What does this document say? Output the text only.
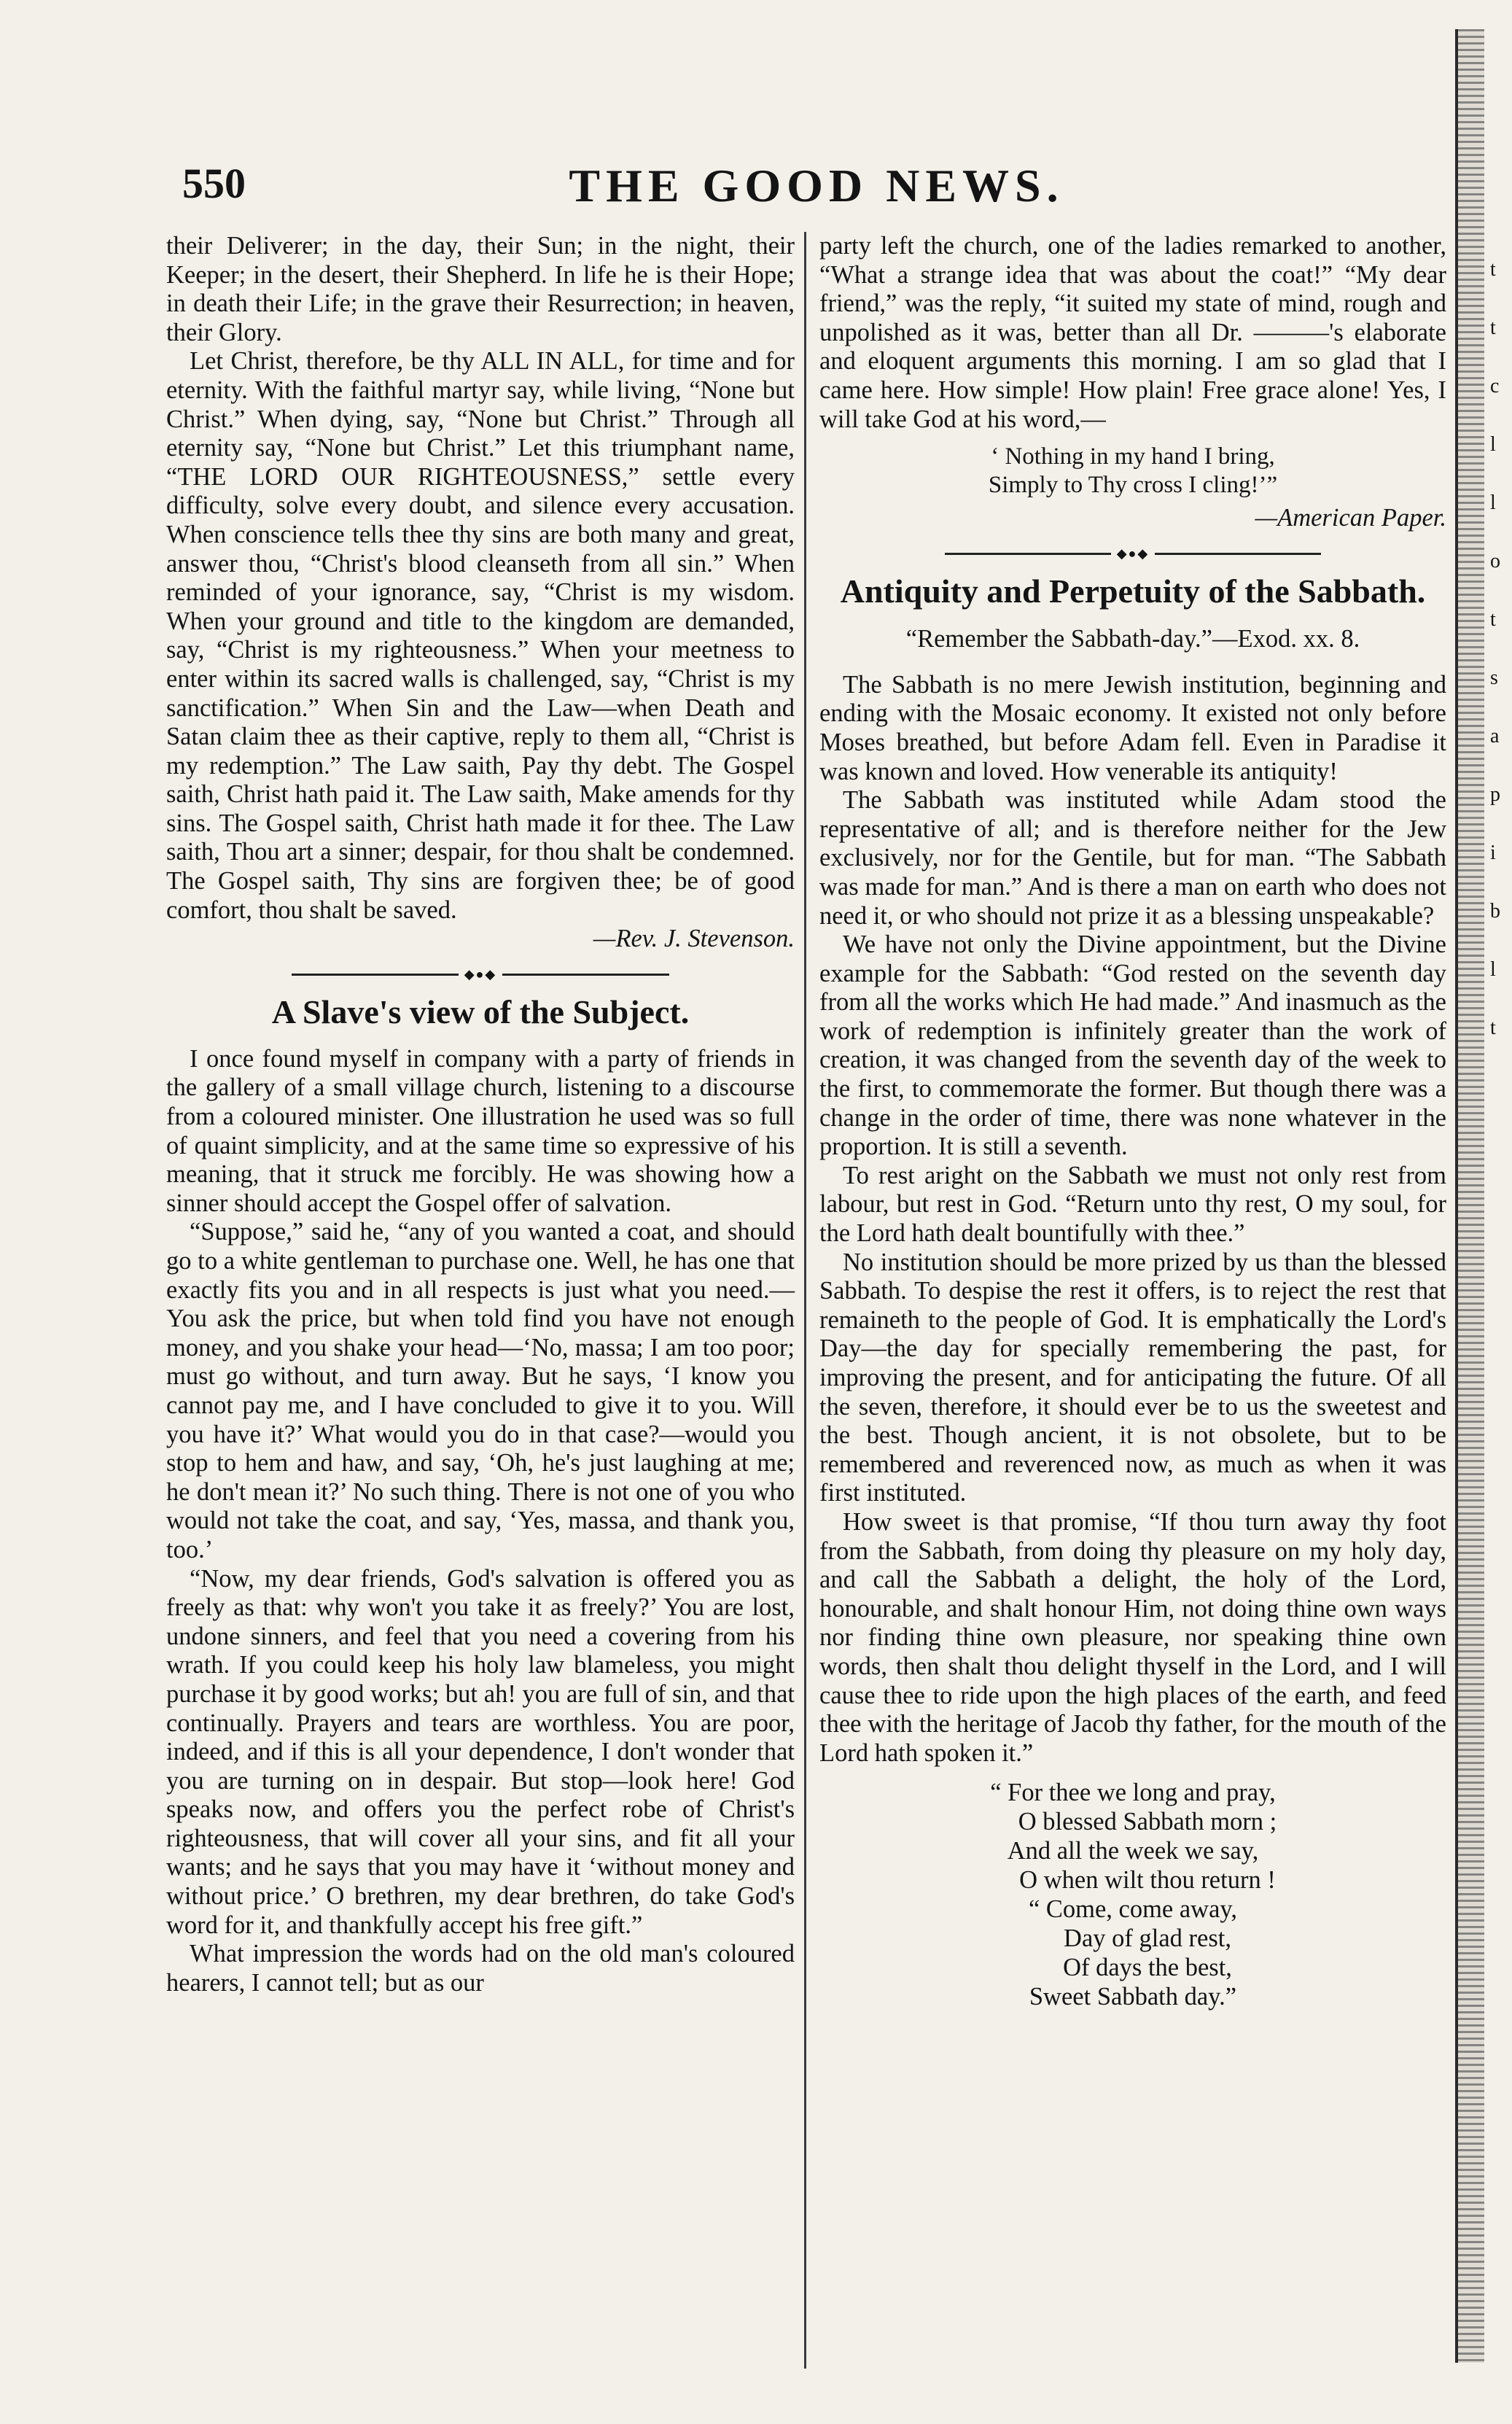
t
t
c
l
l
o
t
s
a
p
i
b
l
t
550	THE GOOD NEWS.

their Deliverer; in the day, their Sun; in the night, their Keeper; in the desert, their Shepherd. In life he is their Hope; in death their Life; in the grave their Resurrection; in heaven, their Glory.

Let Christ, therefore, be thy ALL IN ALL, for time and for eternity. With the faithful martyr say, while living, “None but Christ.” When dying, say, “None but Christ.” Through all eternity say, “None but Christ.” Let this triumphant name, “THE LORD OUR RIGHTEOUSNESS,” settle every difficulty, solve every doubt, and silence every accusation. When conscience tells thee thy sins are both many and great, answer thou, “Christ's blood cleanseth from all sin.” When reminded of your ignorance, say, “Christ is my wisdom. When your ground and title to the kingdom are demanded, say, “Christ is my righteousness.” When your meetness to enter within its sacred walls is challenged, say, “Christ is my sanctification.” When Sin and the Law—when Death and Satan claim thee as their captive, reply to them all, “Christ is my redemption.” The Law saith, Pay thy debt. The Gospel saith, Christ hath paid it. The Law saith, Make amends for thy sins. The Gospel saith, Christ hath made it for thee. The Law saith, Thou art a sinner; despair, for thou shalt be condemned. The Gospel saith, Thy sins are forgiven thee; be of good comfort, thou shalt be saved.

—Rev. J. Stevenson.

◆●◆
A Slave's view of the Subject.

I once found myself in company with a party of friends in the gallery of a small village church, listening to a discourse from a coloured minister. One illustration he used was so full of quaint simplicity, and at the same time so expressive of his meaning, that it struck me forcibly. He was showing how a sinner should accept the Gospel offer of salvation.

“Suppose,” said he, “any of you wanted a coat, and should go to a white gentleman to purchase one. Well, he has one that exactly fits you and in all respects is just what you need.—You ask the price, but when told find you have not enough money, and you shake your head—‘No, massa; I am too poor; must go without, and turn away. But he says, ‘I know you cannot pay me, and I have concluded to give it to you. Will you have it?’ What would you do in that case?—would you stop to hem and haw, and say, ‘Oh, he's just laughing at me; he don't mean it?’ No such thing. There is not one of you who would not take the coat, and say, ‘Yes, massa, and thank you, too.’

“Now, my dear friends, God's salvation is offered you as freely as that: why won't you take it as freely?’ You are lost, undone sinners, and feel that you need a covering from his wrath. If you could keep his holy law blameless, you might purchase it by good works; but ah! you are full of sin, and that continually. Prayers and tears are worthless. You are poor, indeed, and if this is all your dependence, I don't wonder that you are turning on in despair. But stop—look here! God speaks now, and offers you the perfect robe of Christ's righteousness, that will cover all your sins, and fit all your wants; and he says that you may have it ‘without money and without price.’ O brethren, my dear brethren, do take God's word for it, and thankfully accept his free gift.”

What impression the words had on the old man's coloured hearers, I cannot tell; but as our

party left the church, one of the ladies remarked to another, “What a strange idea that was about the coat!” “My dear friend,” was the reply, “it suited my state of mind, rough and unpolished as it was, better than all Dr. ———'s elaborate and eloquent arguments this morning. I am so glad that I came here. How simple! How plain! Free grace alone! Yes, I will take God at his word,—

‘ Nothing in my hand I bring,
Simply to Thy cross I cling!’”

—American Paper.

◆●◆
Antiquity and Perpetuity of the Sabbath.
“Remember the Sabbath-day.”—Exod. xx. 8.

The Sabbath is no mere Jewish institution, beginning and ending with the Mosaic economy. It existed not only before Moses breathed, but before Adam fell. Even in Paradise it was known and loved. How venerable its antiquity!

The Sabbath was instituted while Adam stood the representative of all; and is therefore neither for the Jew exclusively, nor for the Gentile, but for man. “The Sabbath was made for man.” And is there a man on earth who does not need it, or who should not prize it as a blessing unspeakable?

We have not only the Divine appointment, but the Divine example for the Sabbath: “God rested on the seventh day from all the works which He had made.” And inasmuch as the work of redemption is infinitely greater than the work of creation, it was changed from the seventh day of the week to the first, to commemorate the former. But though there was a change in the order of time, there was none whatever in the proportion. It is still a seventh.

To rest aright on the Sabbath we must not only rest from labour, but rest in God. “Return unto thy rest, O my soul, for the Lord hath dealt bountifully with thee.”

No institution should be more prized by us than the blessed Sabbath. To despise the rest it offers, is to reject the rest that remaineth to the people of God. It is emphatically the Lord's Day—the day for specially remembering the past, for improving the present, and for anticipating the future. Of all the seven, therefore, it should ever be to us the sweetest and the best. Though ancient, it is not obsolete, but to be remembered and reverenced now, as much as when it was first instituted.

How sweet is that promise, “If thou turn away thy foot from the Sabbath, from doing thy pleasure on my holy day, and call the Sabbath a delight, the holy of the Lord, honourable, and shalt honour Him, not doing thine own ways nor finding thine own pleasure, nor speaking thine own words, then shalt thou delight thyself in the Lord, and I will cause thee to ride upon the high places of the earth, and feed thee with the heritage of Jacob thy father, for the mouth of the Lord hath spoken it.”

“ For thee we long and pray,
O blessed Sabbath morn ;
And all the week we say,
O when wilt thou return !
“ Come, come away,
Day of glad rest,
Of days the best,
Sweet Sabbath day.”
